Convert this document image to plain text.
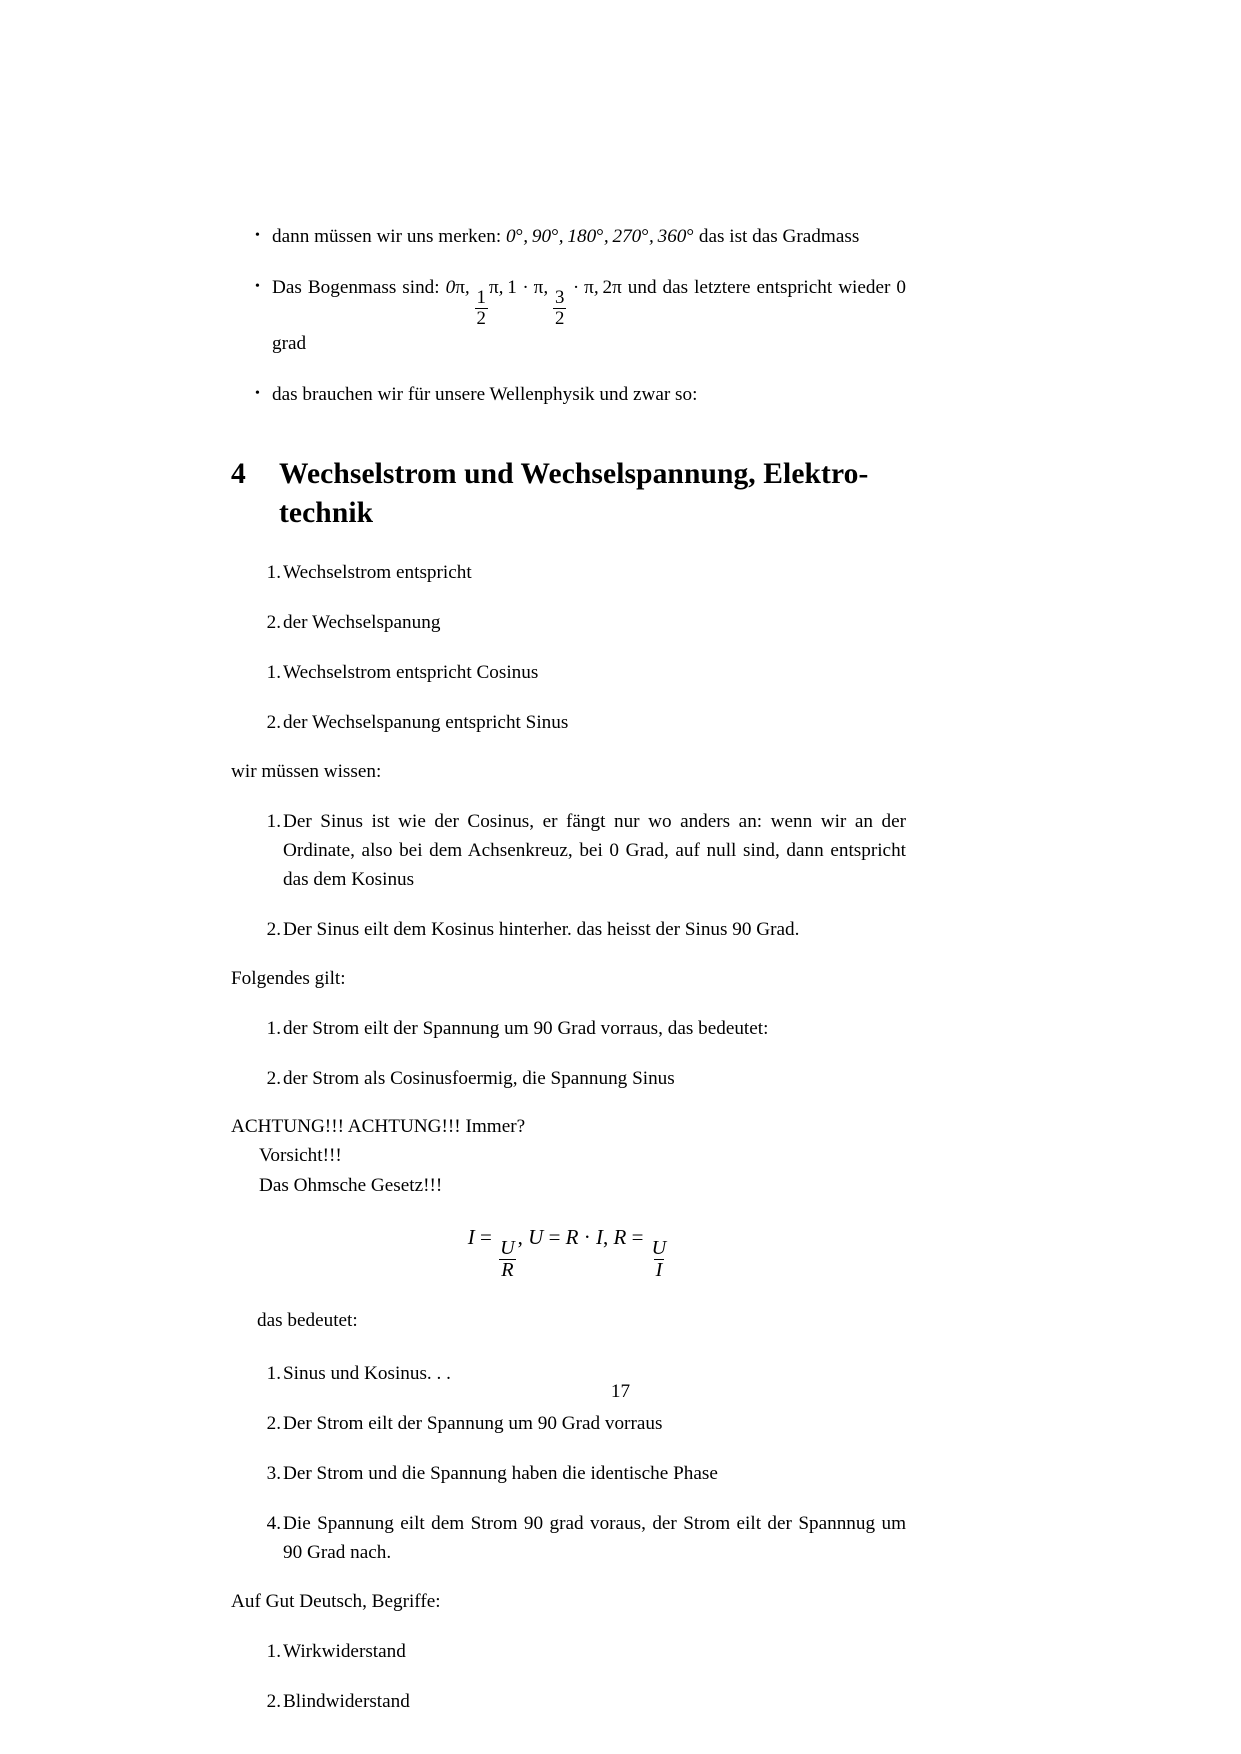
• dann müssen wir uns merken: 0°, 90°, 180°, 270°, 360° das ist das Gradmass
• Das Bogenmass sind: 0π, 
$\frac{1}{2}$
π, 1 · π, 
$\frac{3}{2}$
· π, 2π und das letztere entspricht wieder 0 grad
• das brauchen wir für unsere Wellenphysik und zwar so:
4	Wechselstrom und Wechselspannung, Elektro-
technik
1. Wechselstrom entspricht
2. der Wechselspanung
1. Wechselstrom entspricht Cosinus
2. der Wechselspanung entspricht Sinus

wir müssen wissen:

1. Der Sinus ist wie der Cosinus, er fängt nur wo anders an: wenn wir an der Ordinate, also bei dem Achsenkreuz, bei 0 Grad, auf null sind, dann entspricht das dem Kosinus
2. Der Sinus eilt dem Kosinus hinterher. das heisst der Sinus 90 Grad.

Folgendes gilt:

1. der Strom eilt der Spannung um 90 Grad vorraus, das bedeutet:
2. der Strom als Cosinusfoermig, die Spannung Sinus
ACHTUNG!!! ACHTUNG!!! Immer?
Vorsicht!!!
Das Ohmsche Gesetz!!!
I =
$\frac{U}{R}$
, U = R · I, R =
$\frac{U}{I}$
das bedeutet:
1. Sinus und Kosinus. . .
2. Der Strom eilt der Spannung um 90 Grad vorraus
3. Der Strom und die Spannung haben die identische Phase
4. Die Spannung eilt dem Strom 90 grad voraus, der Strom eilt der Spannnug um 90 Grad nach.

Auf Gut Deutsch, Begriffe:

1. Wirkwiderstand
2. Blindwiderstand
17
